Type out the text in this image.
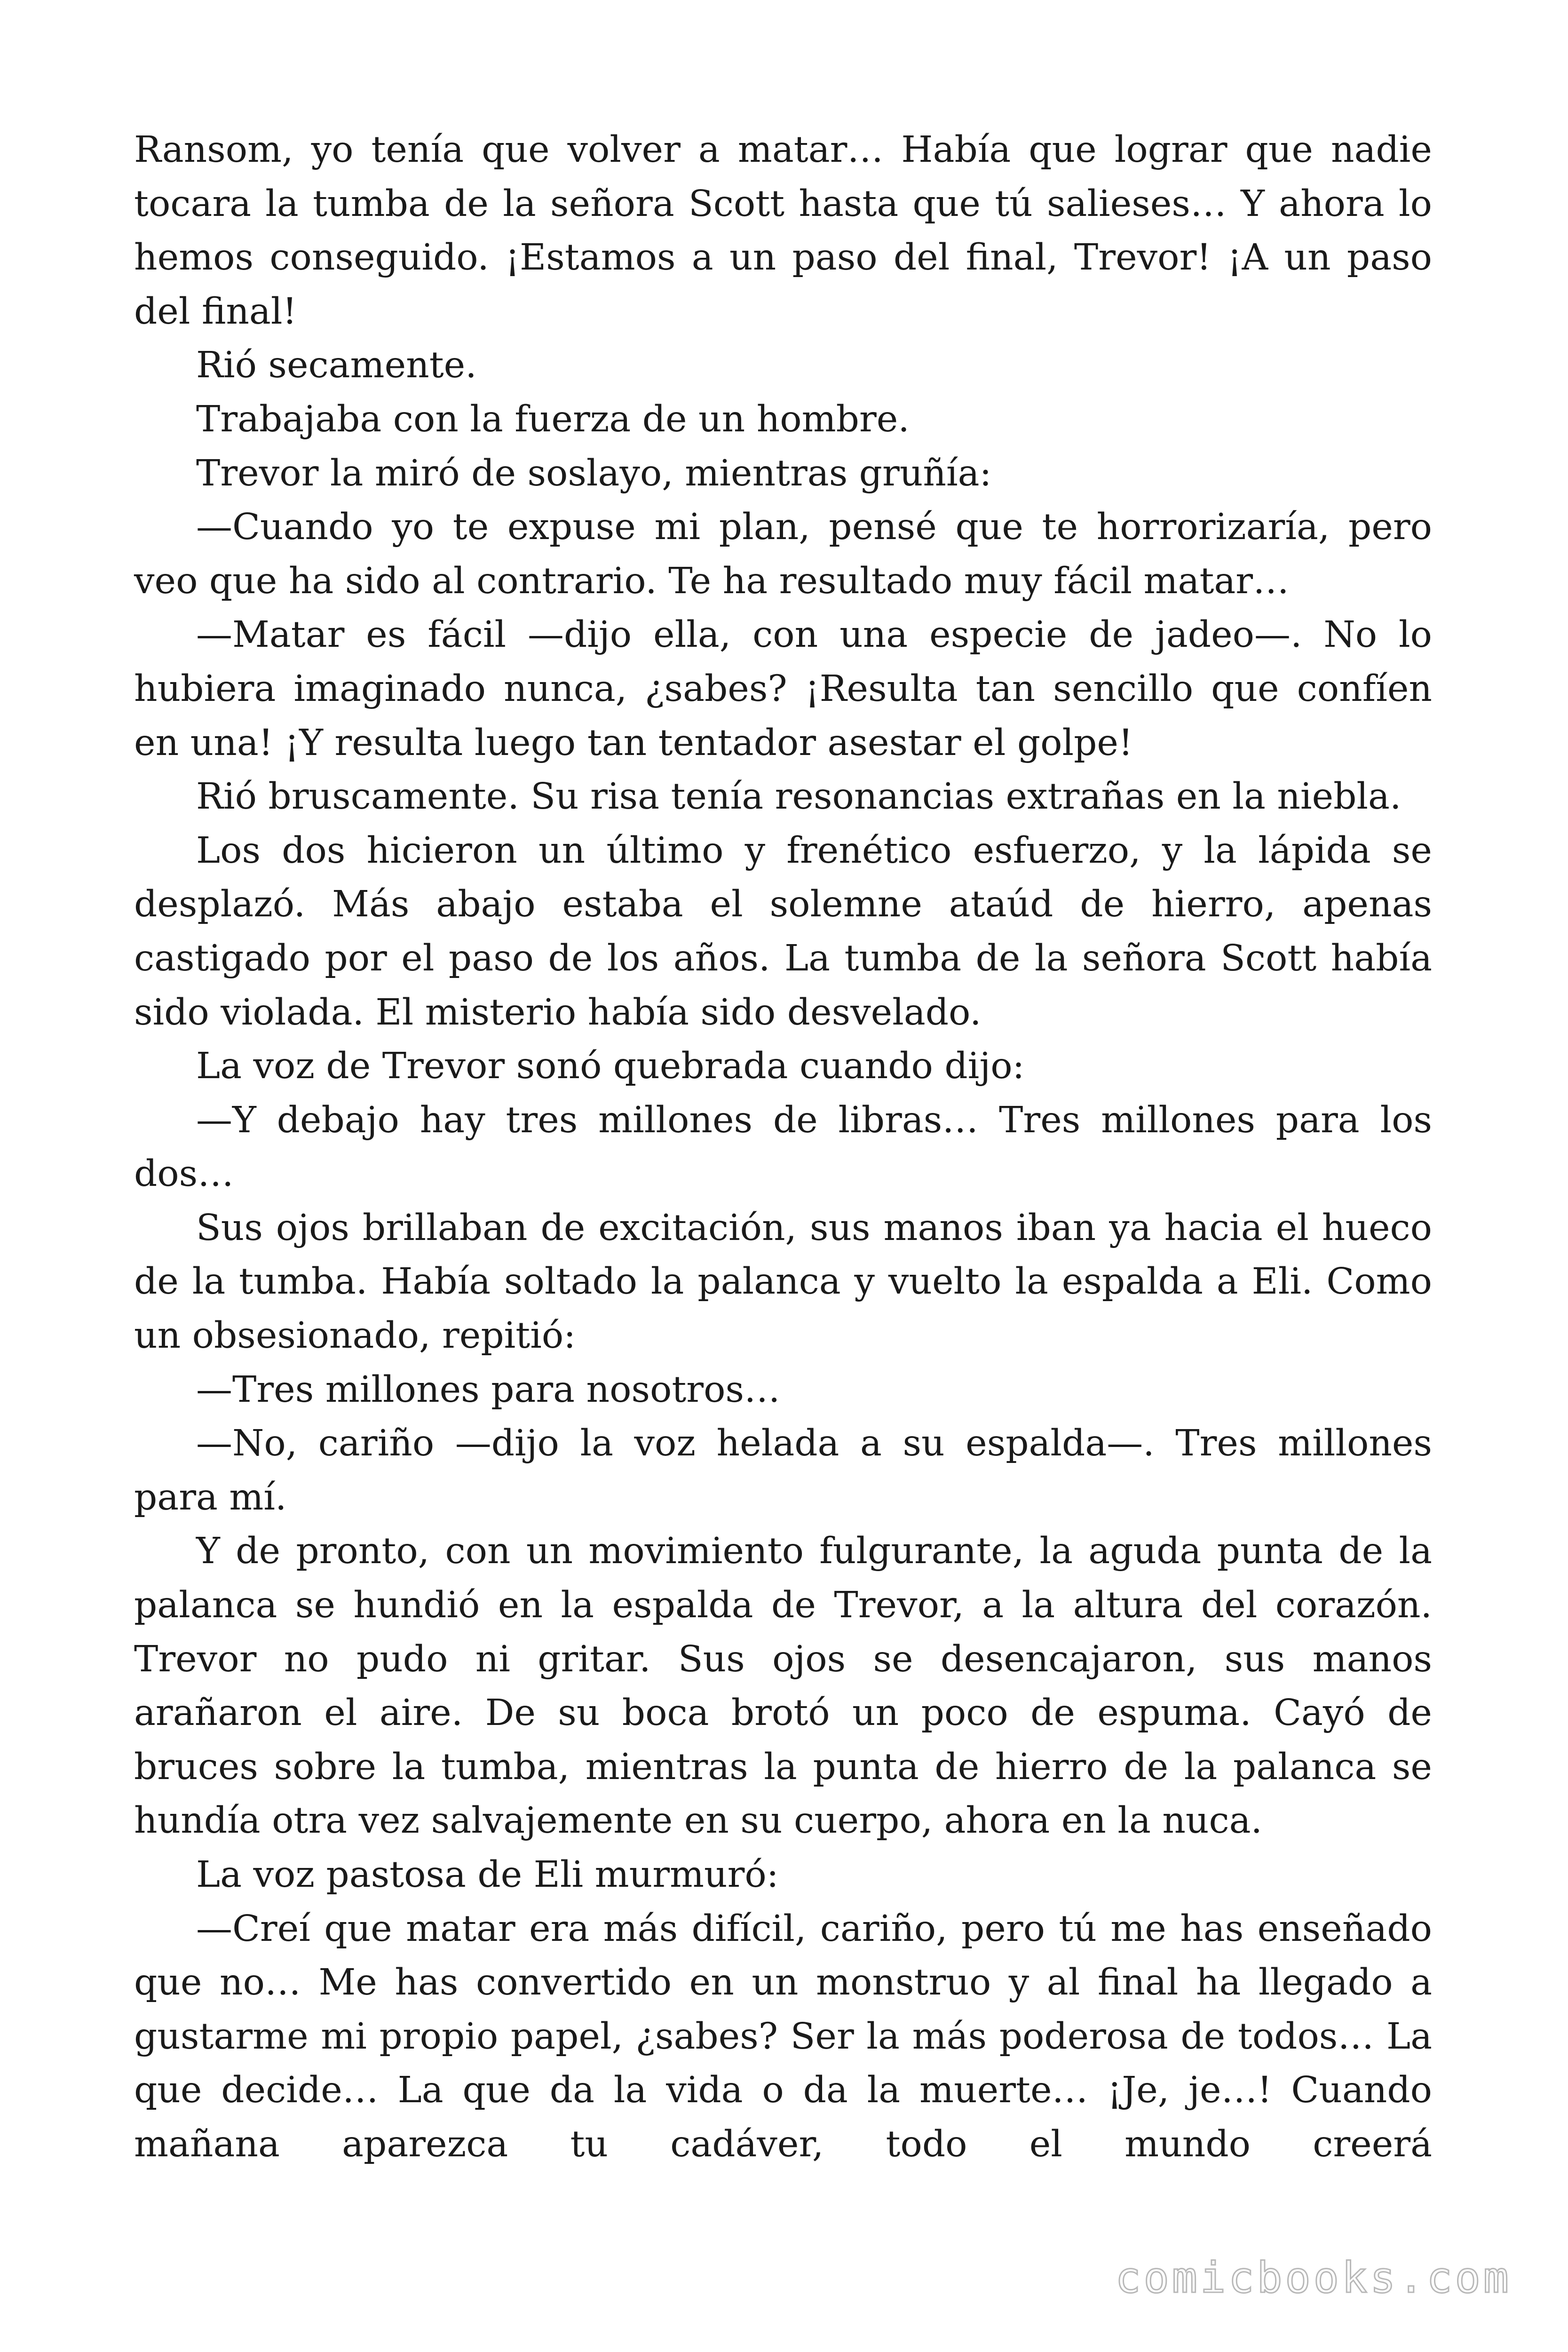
Ransom, yo tenía que volver a matar… Había que lograr que nadie tocara la tumba de la señora Scott hasta que tú salieses… Y ahora lo hemos conseguido. ¡Estamos a un paso del final, Trevor! ¡A un paso del final!

Rió secamente.

Trabajaba con la fuerza de un hombre.

Trevor la miró de soslayo, mientras gruñía:

—Cuando yo te expuse mi plan, pensé que te horrorizaría, pero veo que ha sido al contrario. Te ha resultado muy fácil matar…

—Matar es fácil —dijo ella, con una especie de jadeo—. No lo hubiera imaginado nunca, ¿sabes? ¡Resulta tan sencillo que confíen en una! ¡Y resulta luego tan tentador asestar el golpe!

Rió bruscamente. Su risa tenía resonancias extrañas en la niebla.

Los dos hicieron un último y frenético esfuerzo, y la lápida se desplazó. Más abajo estaba el solemne ataúd de hierro, apenas castigado por el paso de los años. La tumba de la señora Scott había sido violada. El misterio había sido desvelado.

La voz de Trevor sonó quebrada cuando dijo:

—Y debajo hay tres millones de libras… Tres millones para los dos…

Sus ojos brillaban de excitación, sus manos iban ya hacia el hueco de la tumba. Había soltado la palanca y vuelto la espalda a Eli. Como un obsesionado, repitió:

—Tres millones para nosotros…

—No, cariño —dijo la voz helada a su espalda—. Tres millones para mí.

Y de pronto, con un movimiento fulgurante, la aguda punta de la palanca se hundió en la espalda de Trevor, a la altura del corazón. Trevor no pudo ni gritar. Sus ojos se desencajaron, sus manos arañaron el aire. De su boca brotó un poco de espuma. Cayó de bruces sobre la tumba, mientras la punta de hierro de la palanca se hundía otra vez salvajemente en su cuerpo, ahora en la nuca.

La voz pastosa de Eli murmuró:

—Creí que matar era más difícil, cariño, pero tú me has enseñado que no… Me has convertido en un monstruo y al final ha llegado a gustarme mi propio papel, ¿sabes? Ser la más poderosa de todos… La que decide… La que da la vida o da la muerte… ¡Je, je…! Cuando mañana aparezca tu cadáver, todo el mundo creerá

comicbooks.com
